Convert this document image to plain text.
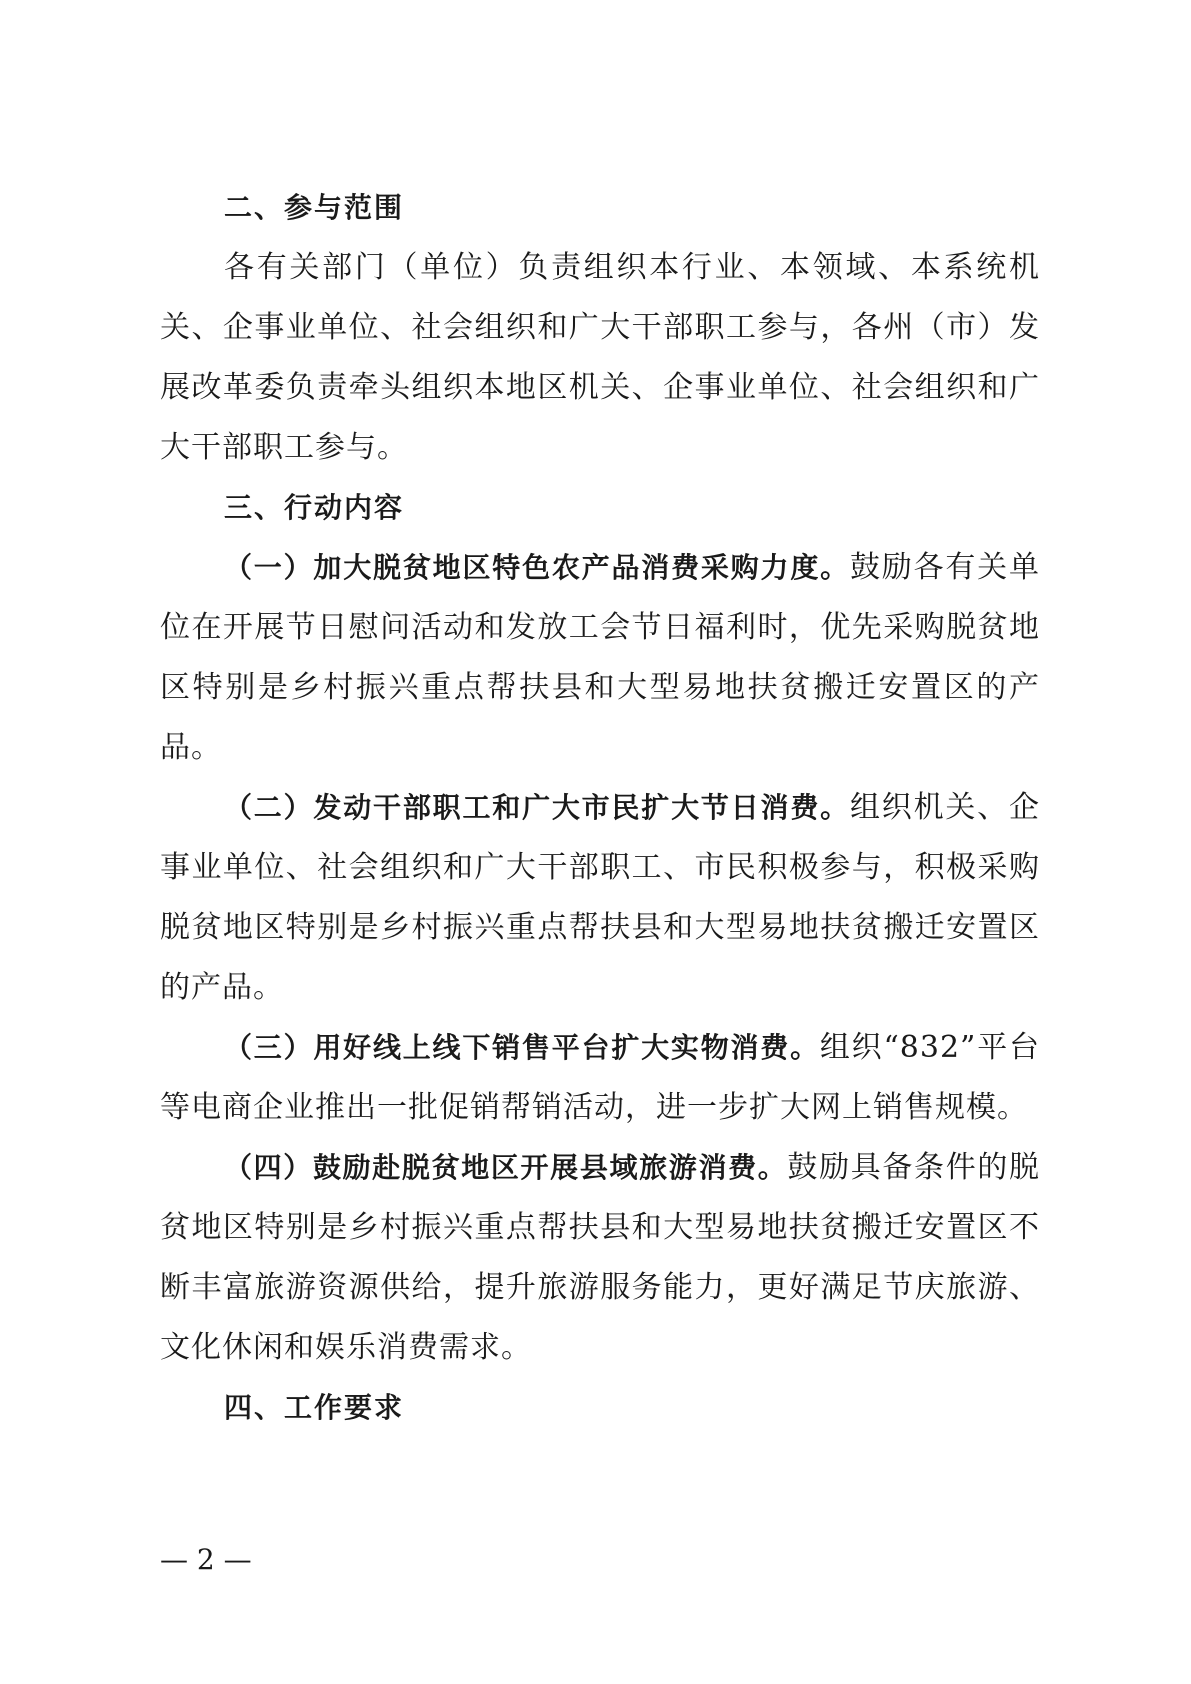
二、参与范围

各有关部门（单位）负责组织本行业、本领域、本系统机关、企事业单位、社会组织和广大干部职工参与，各州（市）发展改革委负责牵头组织本地区机关、企事业单位、社会组织和广大干部职工参与。

三、行动内容

（一）加大脱贫地区特色农产品消费采购力度。鼓励各有关单位在开展节日慰问活动和发放工会节日福利时，优先采购脱贫地区特别是乡村振兴重点帮扶县和大型易地扶贫搬迁安置区的产品。

（二）发动干部职工和广大市民扩大节日消费。组织机关、企事业单位、社会组织和广大干部职工、市民积极参与，积极采购脱贫地区特别是乡村振兴重点帮扶县和大型易地扶贫搬迁安置区的产品。

（三）用好线上线下销售平台扩大实物消费。组织“832”平台等电商企业推出一批促销帮销活动，进一步扩大网上销售规模。

（四）鼓励赴脱贫地区开展县域旅游消费。鼓励具备条件的脱贫地区特别是乡村振兴重点帮扶县和大型易地扶贫搬迁安置区不断丰富旅游资源供给，提升旅游服务能力，更好满足节庆旅游、文化休闲和娱乐消费需求。

四、工作要求
— 2 —
